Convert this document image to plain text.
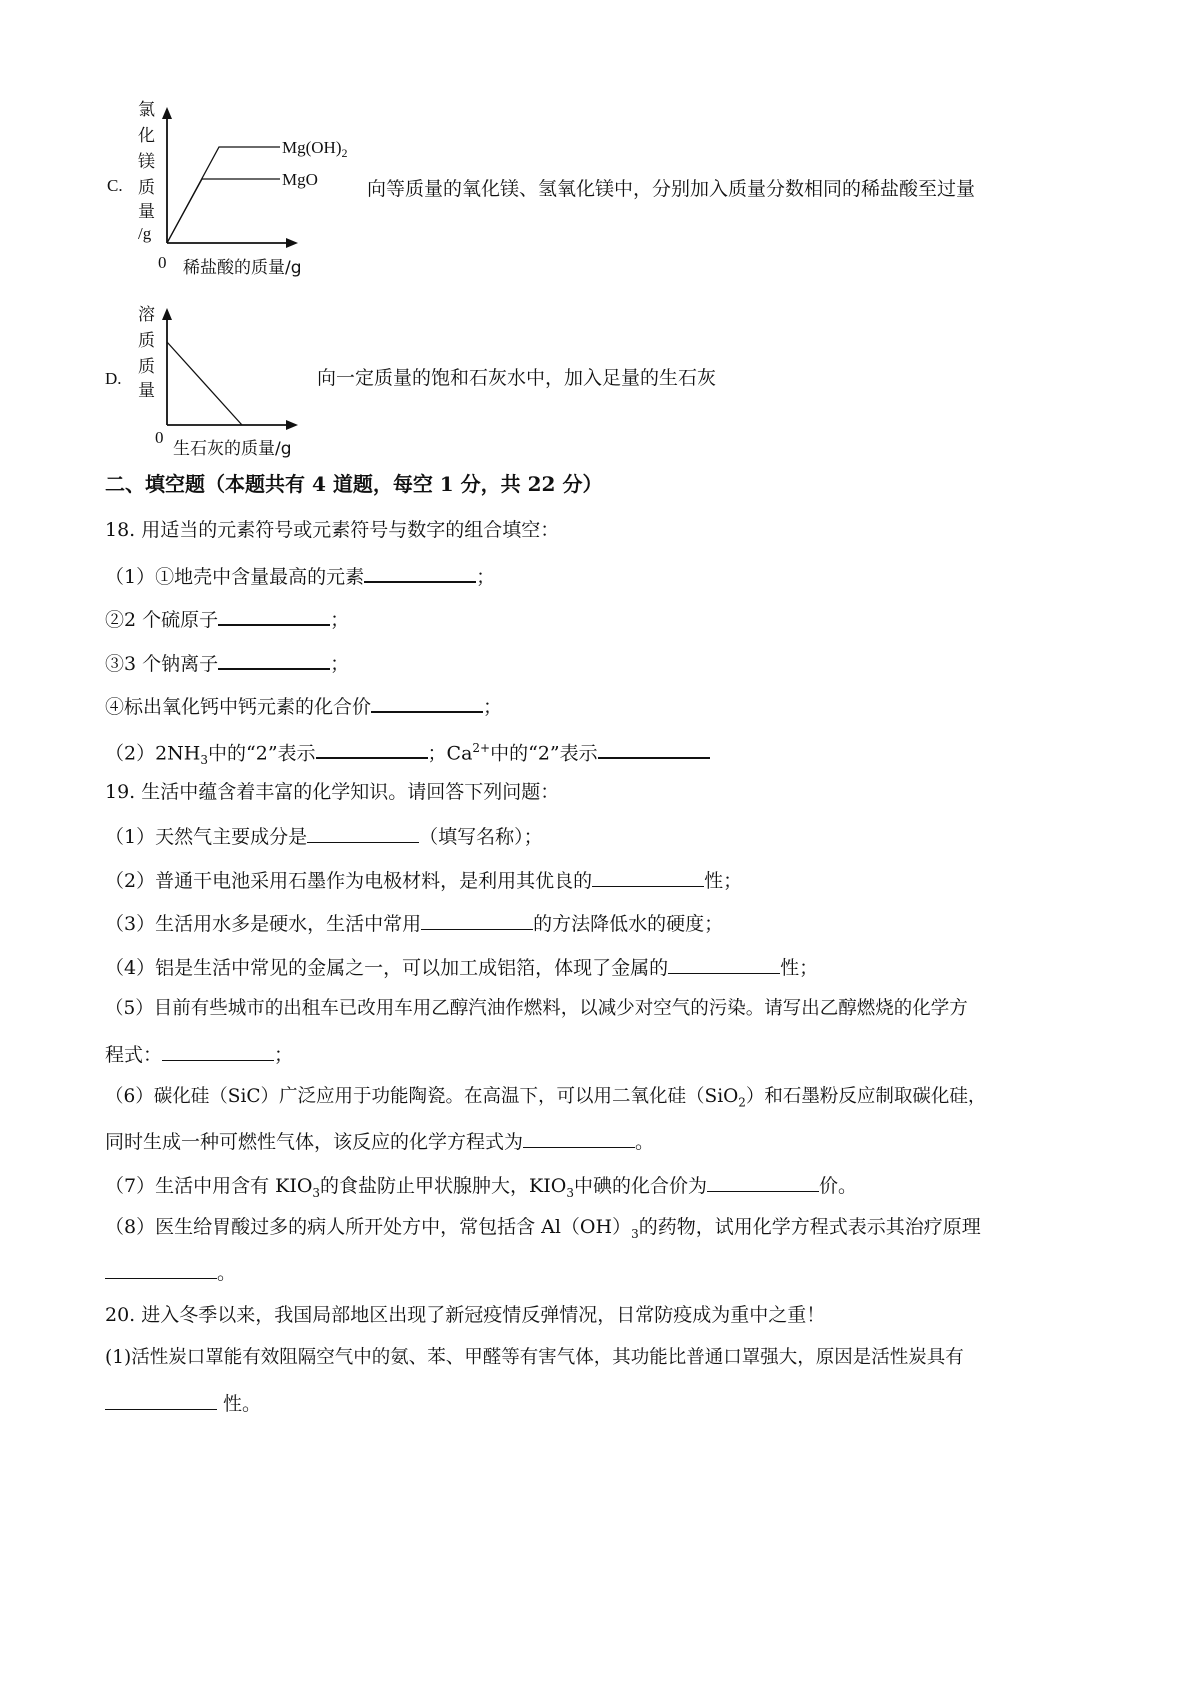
C.
氯
化
镁
质
量
/g
$Mg(OH)_2$
MgO
0 稀盐酸的质量/g
向等质量的氧化镁、氢氧化镁中，分别加入质量分数相同的稀盐酸至过量
D.
溶
质
质
量
0
生石灰的质量/g
向一定质量的饱和石灰水中，加入足量的生石灰
二、填空题（本题共有 4 道题，每空 1 分，共 22 分）
18. 用适当的元素符号或元素符号与数字的组合填空：
（1）①地壳中含量最高的元素	；
②2 个硫原子	；
③3 个钠离子	；
④标出氧化钙中钙元素的化合价	；
$(2)2NH_3$中的“2”表示	；$Ca^{2+}$中的“2”表示
19. 生活中蕴含着丰富的化学知识。请回答下列问题：
（1）天然气主要成分是	（填写名称）；
（2）普通干电池采用石墨作为电极材料，是利用其优良的	性；
（3）生活用水多是硬水，生活中常用	的方法降低水的硬度；
（4）铝是生活中常见的金属之一，可以加工成铝箔，体现了金属的	性；
（5）目前有些城市的出租车已改用车用乙醇汽油作燃料，以减少对空气的污染。请写出乙醇燃烧的化学方
程式：	；
（6）碳化硅（SiC）广泛应用于功能陶瓷。在高温下，可以用二氧化硅（SiO$_2$）和石墨粉反应制取碳化硅，
同时生成一种可燃性气体，该反应的化学方程式为	。
（7）生活中用含有 $KIO_3$的食盐防止甲状腺肿大，$KIO_3$中碘的化合价为	价。
（8）医生给胃酸过多的病人所开处方中，常包括含 $Al(OH)_3$的药物，试用化学方程式表示其治疗原理
。
20. 进入冬季以来，我国局部地区出现了新冠疫情反弹情况，日常防疫成为重中之重！
(1)活性炭口罩能有效阻隔空气中的氨、苯、甲醛等有害气体，其功能比普通口罩强大，原因是活性炭具有
性。
